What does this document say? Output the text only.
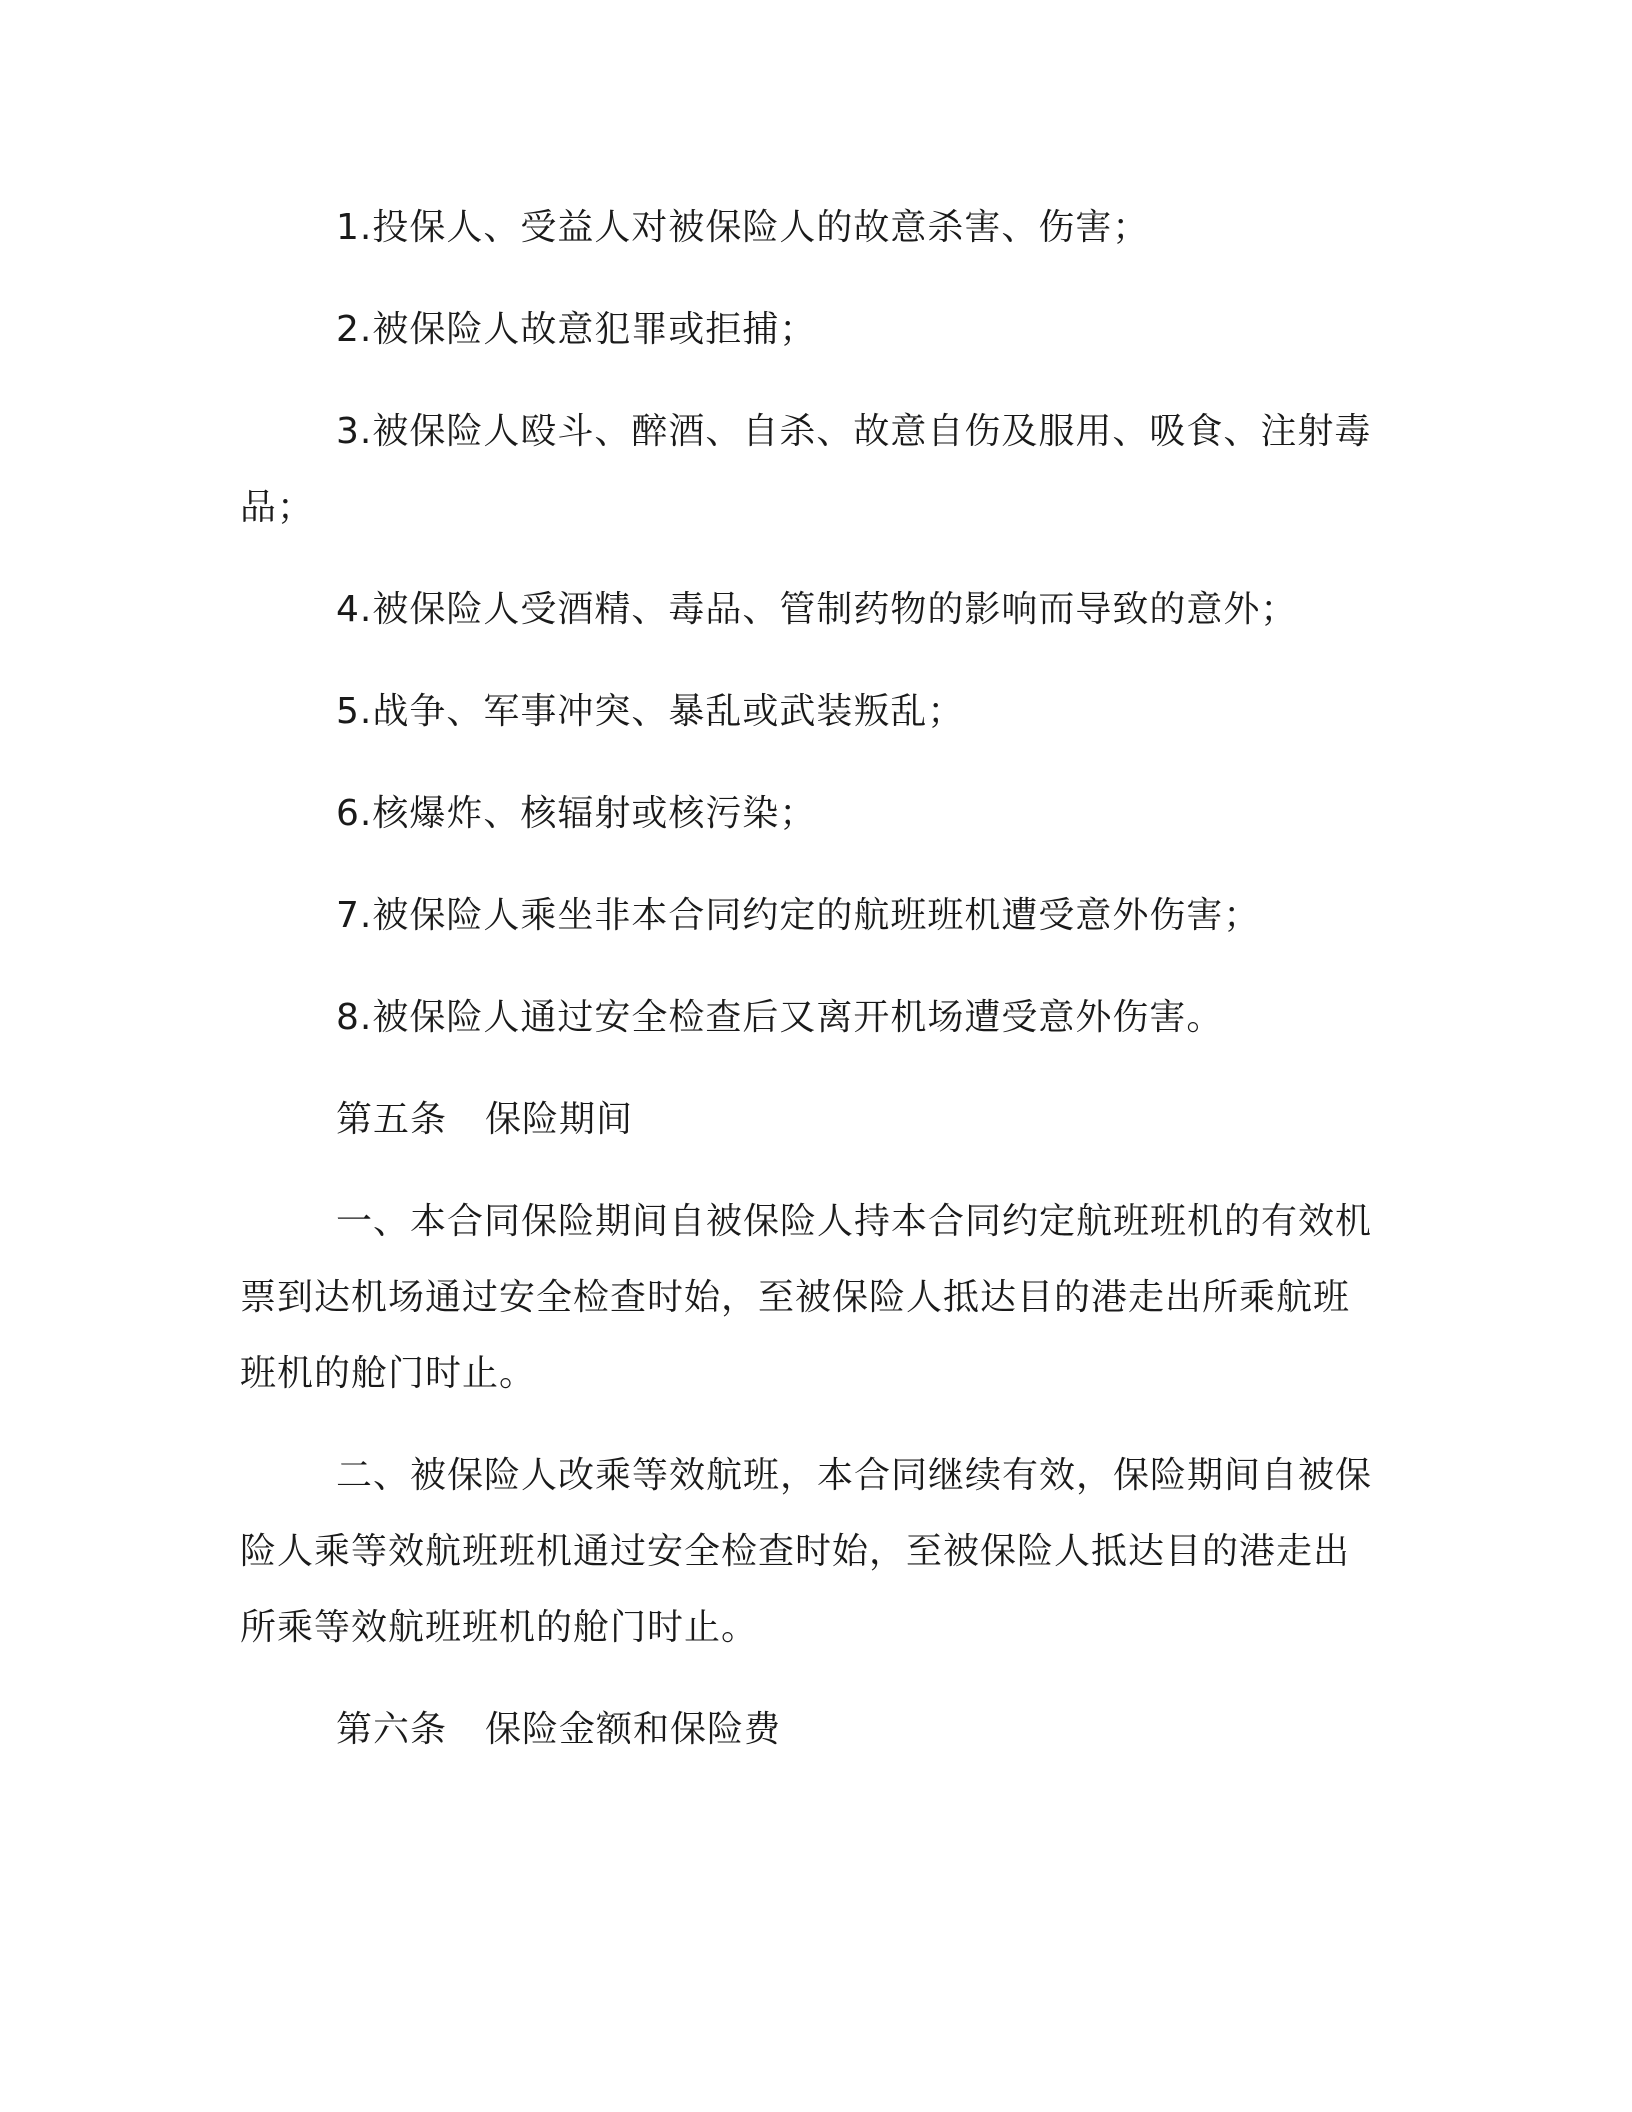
1.投保人、受益人对被保险人的故意杀害、伤害；

2.被保险人故意犯罪或拒捕；

3.被保险人殴斗、醉酒、自杀、故意自伤及服用、吸食、注射毒品；

4.被保险人受酒精、毒品、管制药物的影响而导致的意外；

5.战争、军事冲突、暴乱或武装叛乱；

6.核爆炸、核辐射或核污染；

7.被保险人乘坐非本合同约定的航班班机遭受意外伤害；

8.被保险人通过安全检查后又离开机场遭受意外伤害。

第五条 保险期间

一、本合同保险期间自被保险人持本合同约定航班班机的有效机票到达机场通过安全检查时始，至被保险人抵达目的港走出所乘航班班机的舱门时止。

二、被保险人改乘等效航班，本合同继续有效，保险期间自被保险人乘等效航班班机通过安全检查时始，至被保险人抵达目的港走出所乘等效航班班机的舱门时止。

第六条 保险金额和保险费
